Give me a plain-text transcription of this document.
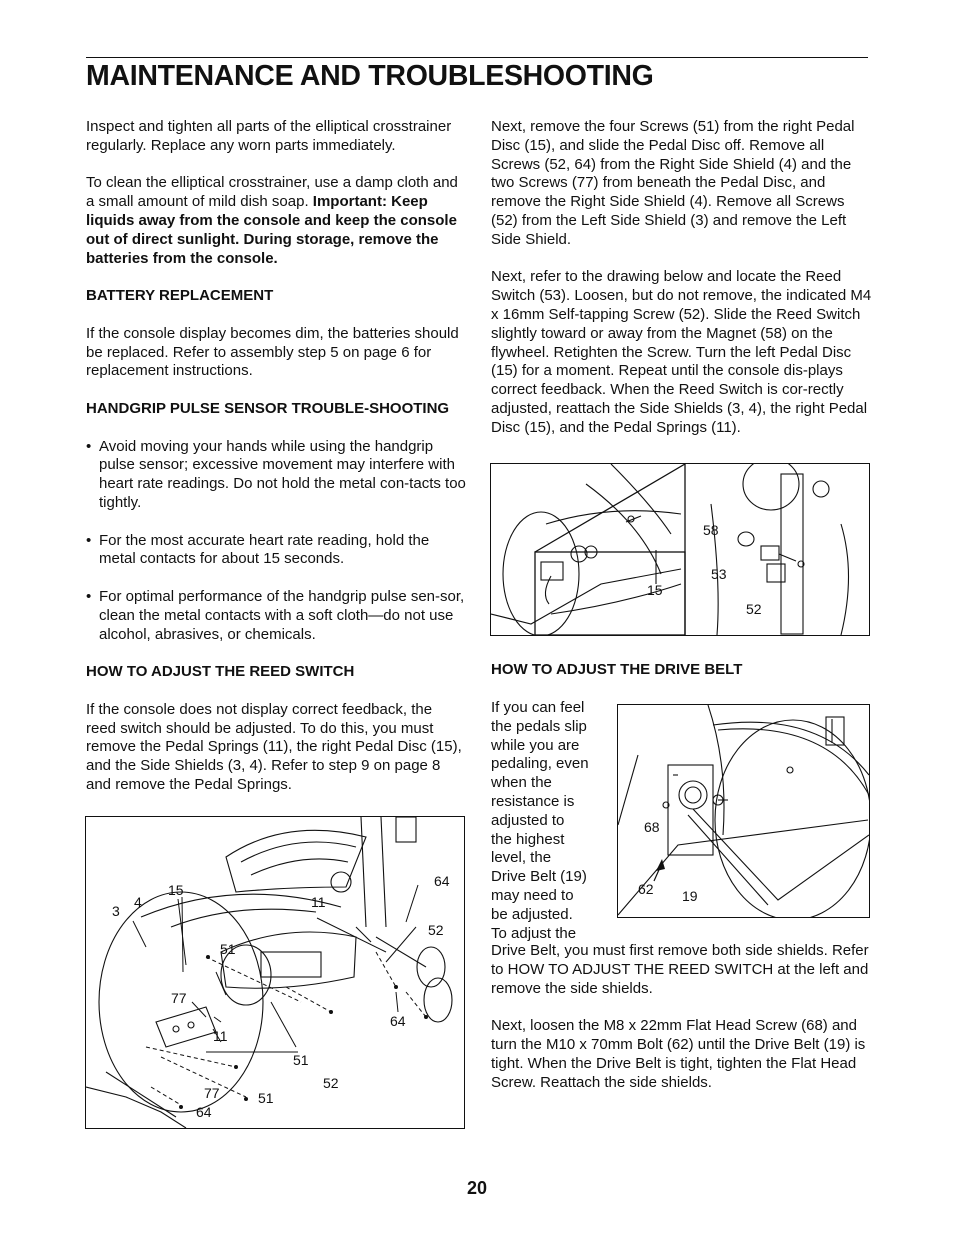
MAINTENANCE AND TROUBLESHOOTING

Inspect and tighten all parts of the elliptical crosstrainer regularly. Replace any worn parts immediately.

To clean the elliptical crosstrainer, use a damp cloth and a small amount of mild dish soap. Important: Keep liquids away from the console and keep the console out of direct sunlight. During storage, remove the batteries from the console.

BATTERY REPLACEMENT

If the console display becomes dim, the batteries should be replaced. Refer to assembly step 5 on page 6 for replacement instructions.

HANDGRIP PULSE SENSOR TROUBLE-SHOOTING
• Avoid moving your hands while using the handgrip pulse sensor; excessive movement may interfere with heart rate readings. Do not hold the metal con-tacts too tightly.
• For the most accurate heart rate reading, hold the metal contacts for about 15 seconds.
• For optimal performance of the handgrip pulse sen-sor, clean the metal contacts with a soft cloth—do not use alcohol, abrasives, or chemicals.
HOW TO ADJUST THE REED SWITCH

If the console does not display correct feedback, the reed switch should be adjusted. To do this, you must remove the Pedal Springs (11), the right Pedal Disc (15), and the Side Shields (3, 4). Refer to step 9 on page 8 and remove the Pedal Springs.

Next, remove the four Screws (51) from the right Pedal Disc (15), and slide the Pedal Disc off. Remove all Screws (52, 64) from the Right Side Shield (4) and the two Screws (77) from beneath the Pedal Disc, and remove the Right Side Shield (4). Remove all Screws (52) from the Left Side Shield (3) and remove the Left Side Shield.

Next, refer to the drawing below and locate the Reed Switch (53). Loosen, but do not remove, the indicated M4 x 16mm Self-tapping Screw (52). Slide the Reed Switch slightly toward or away from the Magnet (58) on the flywheel. Retighten the Screw. Turn the left Pedal Disc (15) for a moment. Repeat until the console dis-plays correct feedback. When the Reed Switch is cor-rectly adjusted, reattach the Side Shields (3, 4), the right Pedal Disc (15), and the Pedal Springs (11).

58
53
52
15
HOW TO ADJUST THE DRIVE BELT
If you can feel
the pedals slip
while you are
pedaling, even
when the
resistance is
adjusted to
the highest
level, the
Drive Belt (19)
may need to
be adjusted.
To adjust the
68
62 19

Drive Belt, you must first remove both side shields. Refer to HOW TO ADJUST THE REED SWITCH at the left and remove the side shields.

Next, loosen the M8 x 22mm Flat Head Screw (68) and turn the M10 x 70mm Bolt (62) until the Drive Belt (19) is tight. When the Drive Belt is tight, tighten the Flat Head Screw. Reattach the side shields.

15
4
3
11
64
52
51
77
11
64
51
52
77	51
64
20
